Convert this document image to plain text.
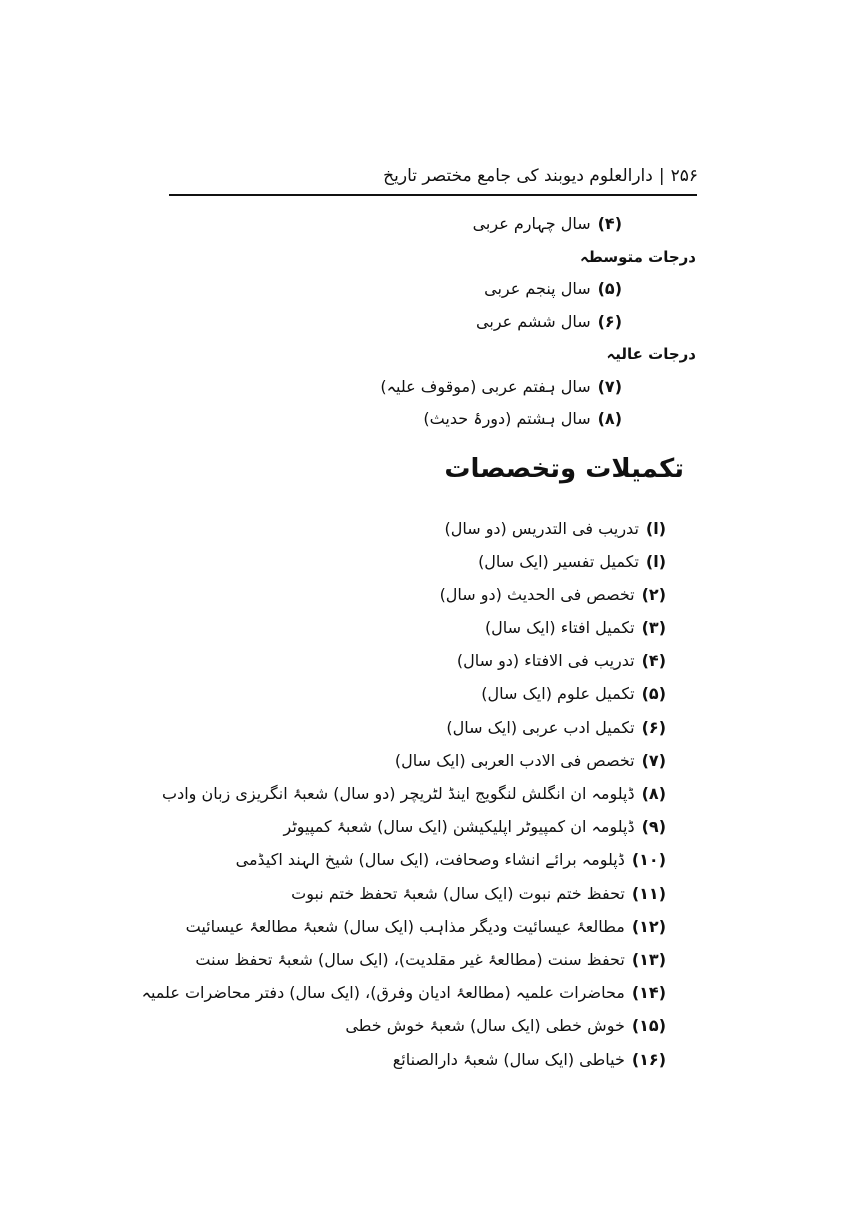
۲۵۶|دارالعلوم دیوبند کی جامع مختصر تاریخ
(۴)سال چہارم عربی
درجات متوسطہ
(۵)سال پنجم عربی
(۶)سال ششم عربی
درجات عالیہ
(۷)سال ہفتم عربی (موقوف علیہ)
(۸)سال ہشتم (دورۂ حدیث)
تکمیلات وتخصصات
(ا)تدریب فی التدریس (دو سال)
(ا)تکمیل تفسیر (ایک سال)
(۲)تخصص فی الحدیث (دو سال)
(۳)تکمیل افتاء (ایک سال)
(۴)تدریب فی الافتاء (دو سال)
(۵)تکمیل علوم (ایک سال)
(۶)تکمیل ادب عربی (ایک سال)
(۷)تخصص فی الادب العربی (ایک سال)
(۸)ڈپلومہ ان انگلش لنگویج اینڈ لٹریچر (دو سال) شعبۂ انگریزی زبان وادب
(۹)ڈپلومہ ان کمپیوٹر اپلیکیشن (ایک سال) شعبۂ کمپیوٹر
(۱۰)ڈپلومہ برائے انشاء وصحافت، (ایک سال) شیخ الہند اکیڈمی
(۱۱)تحفظ ختم نبوت (ایک سال) شعبۂ تحفظ ختم نبوت
(۱۲)مطالعۂ عیسائیت ودیگر مذاہب (ایک سال) شعبۂ مطالعۂ عیسائیت
(۱۳)تحفظ سنت (مطالعۂ غیر مقلدیت)، (ایک سال) شعبۂ تحفظ سنت
(۱۴)محاضرات علمیہ (مطالعۂ ادیان وفرق)، (ایک سال) دفتر محاضرات علمیہ
(۱۵)خوش خطی (ایک سال) شعبۂ خوش خطی
(۱۶)خیاطی (ایک سال) شعبۂ دارالصنائع
